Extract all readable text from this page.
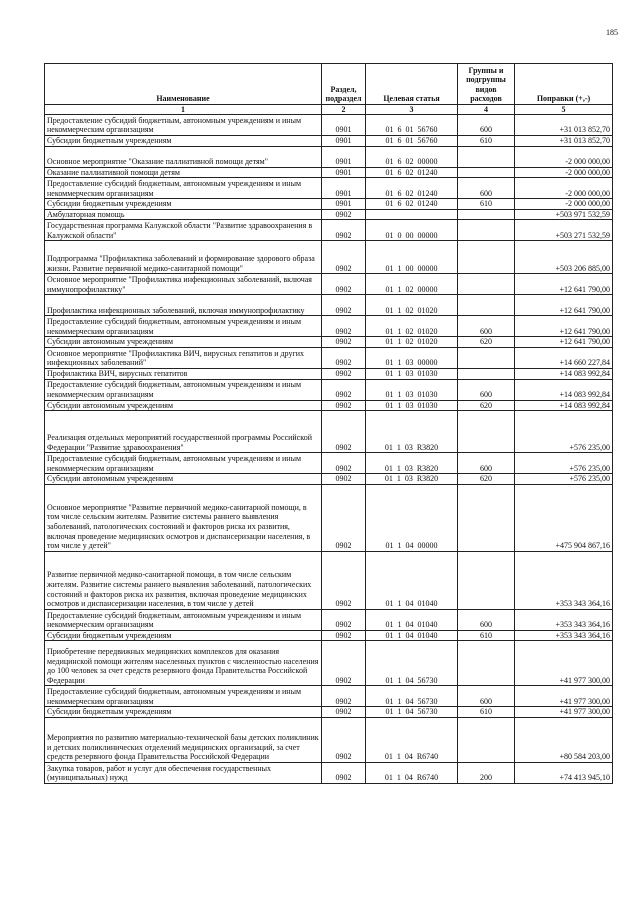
185
Наименование	Раздел, подраздел	Целевая статья	Группы и подгруппы видов расходов	Поправки (+,-)
1	2	3	4	5
Предоставление субсидий бюджетным, автономным учреждениям и иным некоммерческим организациям	0901	01  6  01  56760	600	+31 013 852,70
Субсидии бюджетным учреждениям	0901	01  6  01  56760	610	+31 013 852,70
Основное мероприятие "Оказание паллиативной помощи детям"	0901	01  6  02  00000		-2 000 000,00
Оказание паллиативной помощи детям	0901	01  6  02  01240		-2 000 000,00
Предоставление субсидий бюджетным, автономным учреждениям и иным некоммерческим организациям	0901	01  6  02  01240	600	-2 000 000,00
Субсидии бюджетным учреждениям	0901	01  6  02  01240	610	-2 000 000,00
Амбулаторная помощь	0902			+503 971 532,59
Государственная программа Калужской области "Развитие здравоохранения в Калужской области"	0902	01  0  00  00000		+503 271 532,59
Подпрограмма "Профилактика заболеваний и формирование здорового образа жизни. Развитие первичной медико-санитарной помощи"	0902	01  1  00  00000		+503 206 885,00
Основное мероприятие "Профилактика инфекционных заболеваний, включая иммунопрофилактику"	0902	01  1  02  00000		+12 641 790,00
Профилактика инфекционных заболеваний, включая иммунопрофилактику	0902	01  1  02  01020		+12 641 790,00
Предоставление субсидий бюджетным, автономным учреждениям и иным некоммерческим организациям	0902	01  1  02  01020	600	+12 641 790,00
Субсидии автономным учреждениям	0902	01  1  02  01020	620	+12 641 790,00
Основное мероприятие "Профилактика ВИЧ, вирусных гепатитов и других инфекционных заболеваний"	0902	01  1  03  00000		+14 660 227,84
Профилактика ВИЧ, вирусных гепатитов	0902	01  1  03  01030		+14 083 992,84
Предоставление субсидий бюджетным, автономным учреждениям и иным некоммерческим организациям	0902	01  1  03  01030	600	+14 083 992,84
Субсидии автономным учреждениям	0902	01  1  03  01030	620	+14 083 992,84
Реализация отдельных мероприятий государственной программы Российской Федерации "Развитие здравоохранения"	0902	01  1  03  R3820		+576 235,00
Предоставление субсидий бюджетным, автономным учреждениям и иным некоммерческим организациям	0902	01  1  03  R3820	600	+576 235,00
Субсидии автономным учреждениям	0902	01  1  03  R3820	620	+576 235,00
Основное мероприятие "Развитие первичной медико-санитарной помощи, в том числе сельским жителям. Развитие системы раннего выявления заболеваний, патологических состояний и факторов риска их развития, включая проведение медицинских осмотров и диспансеризации населения, в том числе у детей"	0902	01  1  04  00000		+475 904 867,16
Развитие первичной медико-санитарной помощи, в том числе сельским жителям. Развитие системы раннего выявления заболеваний, патологических состояний и факторов риска их развития, включая проведение медицинских осмотров и диспансеризации населения, в том числе у детей	0902	01  1  04  01040		+353 343 364,16
Предоставление субсидий бюджетным, автономным учреждениям и иным некоммерческим организациям	0902	01  1  04  01040	600	+353 343 364,16
Субсидии бюджетным учреждениям	0902	01  1  04  01040	610	+353 343 364,16
Приобретение передвижных медицинских комплексов для оказания медицинской помощи жителям населенных пунктов с численностью населения до 100 человек за счет средств резервного фонда Правительства Российской Федерации	0902	01  1  04  56730		+41 977 300,00
Предоставление субсидий бюджетным, автономным учреждениям и иным некоммерческим организациям	0902	01  1  04  56730	600	+41 977 300,00
Субсидии бюджетным учреждениям	0902	01  1  04  56730	610	+41 977 300,00
Мероприятия по развитию материально-технической базы детских поликлиник и детских поликлинических отделений медицинских организаций, за счет средств резервного фонда Правительства Российской Федерации	0902	01  1  04  R6740		+80 584 203,00
Закупка товаров, работ и услуг для обеспечения государственных (муниципальных) нужд	0902	01  1  04  R6740	200	+74 413 945,10
